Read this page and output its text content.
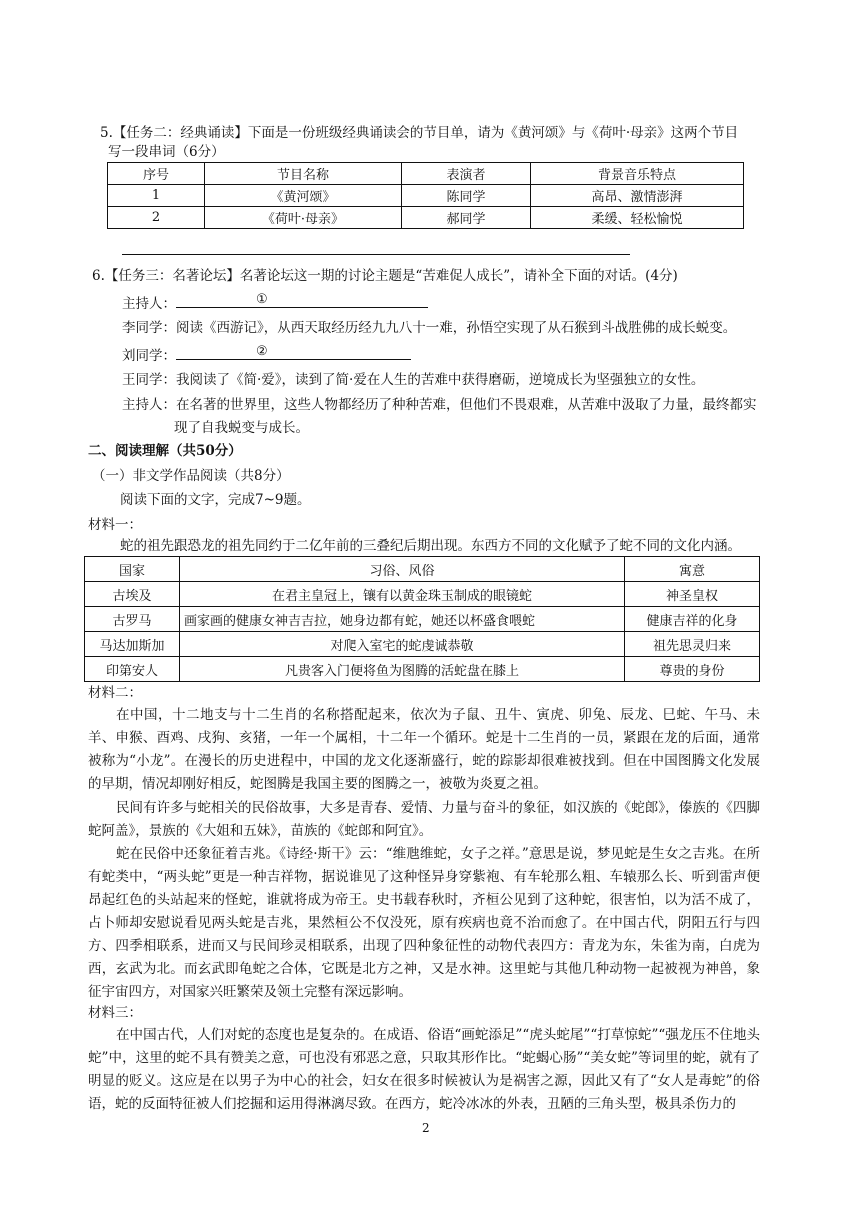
5.【任务二：经典诵读】下面是一份班级经典诵读会的节目单，请为《黄河颂》与《荷叶·母亲》这两个节目
写一段串词（6分）
序号	节目名称	表演者	背景音乐特点
1	《黄河颂》	陈同学	高昂、激情澎湃
2	《荷叶·母亲》	郝同学	柔缓、轻松愉悦
6.【任务三：名著论坛】名著论坛这一期的讨论主题是“苦难促人成长”，请补全下面的对话。(4分)
主持人：	①
李同学：阅读《西游记》，从西天取经历经九九八十一难，孙悟空实现了从石猴到斗战胜佛的成长蜕变。
刘同学：	②
王同学：我阅读了《简·爱》，读到了简·爱在人生的苦难中获得磨砺，逆境成长为坚强独立的女性。
主持人：在名著的世界里，这些人物都经历了种种苦难，但他们不畏艰难，从苦难中汲取了力量，最终都实
现了自我蜕变与成长。
二、阅读理解（共50分）
（一）非文学作品阅读（共8分）
阅读下面的文字，完成7~9题。
材料一：
蛇的祖先跟恐龙的祖先同约于二亿年前的三叠纪后期出现。东西方不同的文化赋予了蛇不同的文化内涵。
国家	习俗、风俗	寓意
古埃及	在君主皇冠上，镶有以黄金珠玉制成的眼镜蛇	神圣皇权
古罗马	画家画的健康女神吉吉拉，她身边都有蛇，她还以杯盛食喂蛇	健康吉祥的化身
马达加斯加	对爬入室宅的蛇虔诚恭敬	祖先思灵归来
印第安人	凡贵客入门便将鱼为图腾的活蛇盘在膝上	尊贵的身份
材料二：
在中国，十二地支与十二生肖的名称搭配起来，依次为子鼠、丑牛、寅虎、卯兔、辰龙、巳蛇、午马、未羊、申猴、酉鸡、戌狗、亥猪，一年一个属相，十二年一个循环。蛇是十二生肖的一员，紧跟在龙的后面，通常被称为“小龙”。在漫长的历史进程中，中国的龙文化逐渐盛行，蛇的踪影却很难被找到。但在中国图腾文化发展的早期，情况却刚好相反，蛇图腾是我国主要的图腾之一，被敬为炎夏之祖。
民间有许多与蛇相关的民俗故事，大多是青春、爱情、力量与奋斗的象征，如汉族的《蛇郎》，傣族的《四脚蛇阿盖》，景族的《大姐和五妹》，苗族的《蛇郎和阿宜》。
蛇在民俗中还象征着吉兆。《诗经·斯干》云：“维虺维蛇，女子之祥。”意思是说，梦见蛇是生女之吉兆。在所有蛇类中，“两头蛇”更是一种吉祥物，据说谁见了这种怪异身穿紫袍、有车轮那么粗、车辕那么长、听到雷声便昂起红色的头站起来的怪蛇，谁就将成为帝王。史书载春秋时，齐桓公见到了这种蛇，很害怕，以为活不成了，占卜师却安慰说看见两头蛇是吉兆，果然桓公不仅没死，原有疾病也竟不治而愈了。在中国古代，阴阳五行与四方、四季相联系，进而又与民间珍灵相联系，出现了四种象征性的动物代表四方：青龙为东，朱雀为南，白虎为西，玄武为北。而玄武即龟蛇之合体，它既是北方之神，又是水神。这里蛇与其他几种动物一起被视为神兽，象征宇宙四方，对国家兴旺繁荣及领土完整有深远影响。
材料三：
在中国古代，人们对蛇的态度也是复杂的。在成语、俗语“画蛇添足”“虎头蛇尾”“打草惊蛇”“强龙压不住地头蛇”中，这里的蛇不具有赞美之意，可也没有邪恶之意，只取其形作比。“蛇蝎心肠”“美女蛇”等词里的蛇，就有了明显的贬义。这应是在以男子为中心的社会，妇女在很多时候被认为是祸害之源，因此又有了“女人是毒蛇”的俗语，蛇的反面特征被人们挖掘和运用得淋漓尽致。在西方，蛇冷冰冰的外表，丑陋的三角头型，极具杀伤力的
2
